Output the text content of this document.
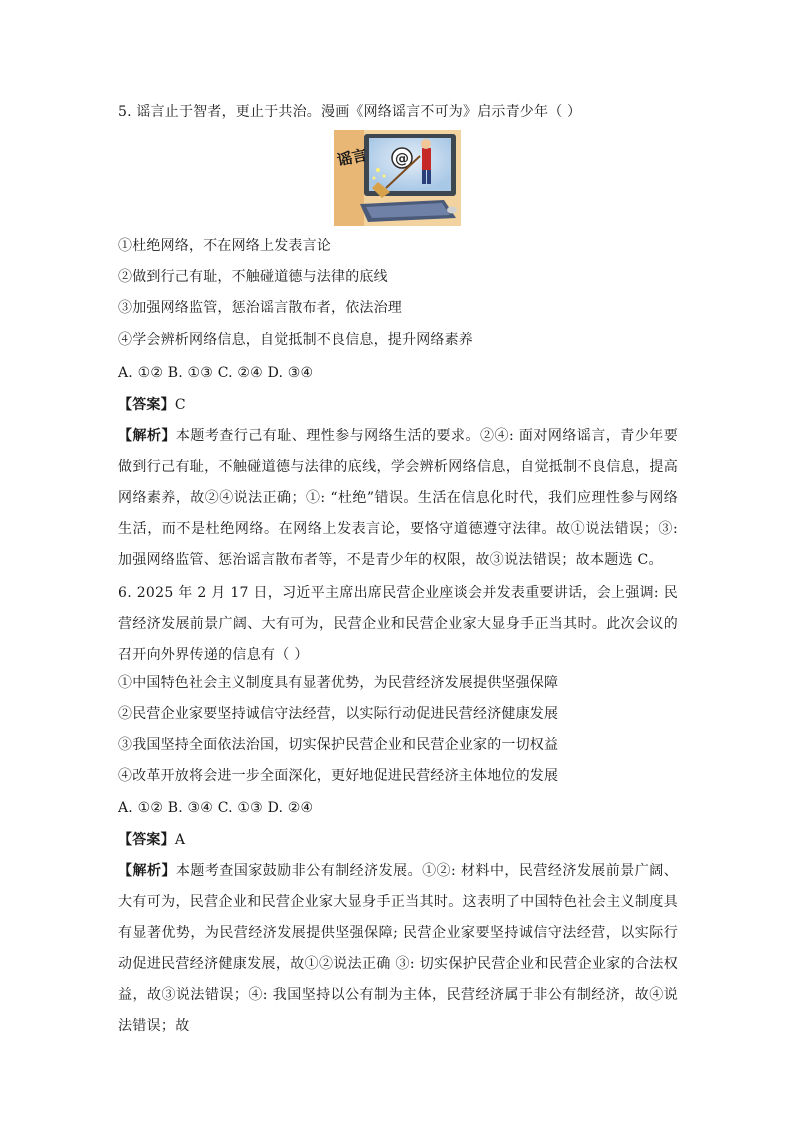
5. 谣言止于智者，更止于共治。漫画《网络谣言不可为》启示青少年（ ）
@
谣言
①杜绝网络，不在网络上发表言论
②做到行己有耻，不触碰道德与法律的底线
③加强网络监管，惩治谣言散布者，依法治理
④学会辨析网络信息，自觉抵制不良信息，提升网络素养
A. ①② B. ①③ C. ②④ D. ③④
【答案】C
【解析】本题考查行己有耻、理性参与网络生活的要求。②④: 面对网络谣言，青少年要做到行己有耻，不触碰道德与法律的底线，学会辨析网络信息，自觉抵制不良信息，提高网络素养，故②④说法正确；①: “杜绝”错误。生活在信息化时代，我们应理性参与网络生活，而不是杜绝网络。在网络上发表言论，要恪守道德遵守法律。故①说法错误；③: 加强网络监管、惩治谣言散布者等，不是青少年的权限，故③说法错误；故本题选 C。
6. 2025 年 2 月 17 日，习近平主席出席民营企业座谈会并发表重要讲话，会上强调: 民营经济发展前景广阔、大有可为，民营企业和民营企业家大显身手正当其时。此次会议的召开向外界传递的信息有（ ）
①中国特色社会主义制度具有显著优势，为民营经济发展提供坚强保障
②民营企业家要坚持诚信守法经营，以实际行动促进民营经济健康发展
③我国坚持全面依法治国，切实保护民营企业和民营企业家的一切权益
④改革开放将会进一步全面深化，更好地促进民营经济主体地位的发展
A. ①② B. ③④ C. ①③ D. ②④
【答案】A
【解析】本题考查国家鼓励非公有制经济发展。①②: 材料中，民营经济发展前景广阔、大有可为，民营企业和民营企业家大显身手正当其时。这表明了中国特色社会主义制度具有显著优势，为民营经济发展提供坚强保障; 民营企业家要坚持诚信守法经营，以实际行动促进民营经济健康发展，故①②说法正确 ③: 切实保护民营企业和民营企业家的合法权益，故③说法错误；④: 我国坚持以公有制为主体，民营经济属于非公有制经济，故④说法错误；故
